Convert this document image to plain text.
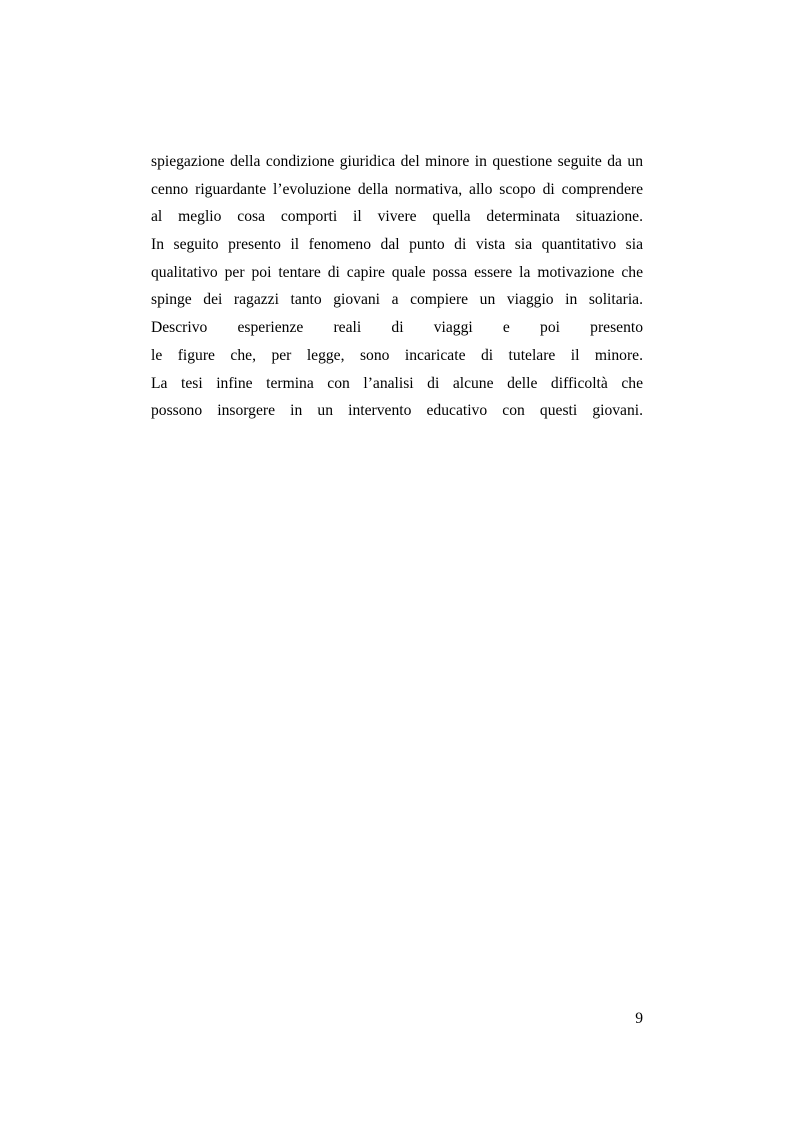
spiegazione della condizione giuridica del minore in questione seguite da un
cenno riguardante l’evoluzione della normativa, allo scopo di comprendere
al meglio cosa comporti il vivere quella determinata situazione.
In seguito presento il fenomeno dal punto di vista sia quantitativo sia
qualitativo per poi tentare di capire quale possa essere la motivazione che
spinge dei ragazzi tanto giovani a compiere un viaggio in solitaria.
Descrivo esperienze reali di viaggi e poi presento
le figure che, per legge, sono incaricate di tutelare il minore.
La tesi infine termina con l’analisi di alcune delle difficoltà che
possono insorgere in un intervento educativo con questi giovani.
9
